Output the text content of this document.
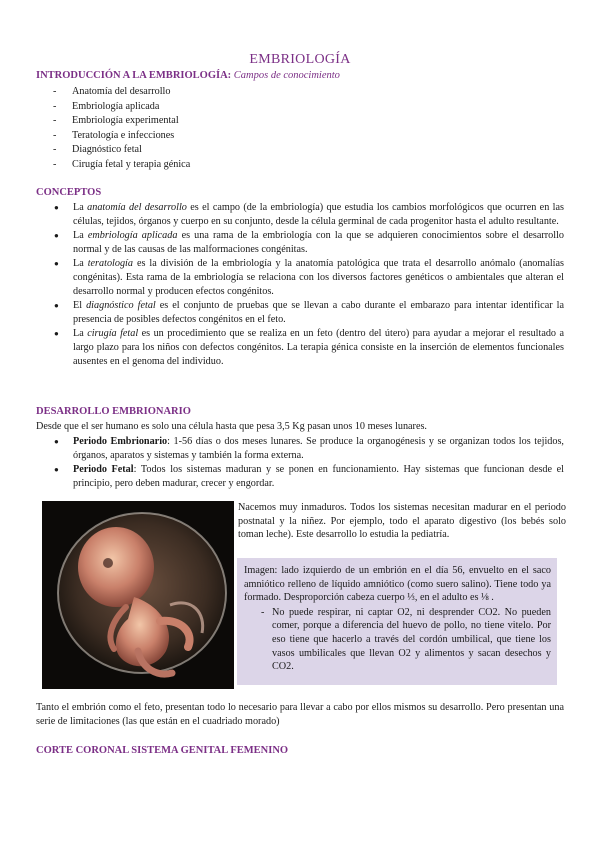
EMBRIOLOGÍA
INTRODUCCIÓN A LA EMBRIOLOGÍA: Campos de conocimiento
- Anatomía del desarrollo
- Embriología aplicada
- Embriología experimental
- Teratología e infecciones
- Diagnóstico fetal
- Cirugía fetal y terapia génica
CONCEPTOS
● La anatomía del desarrollo es el campo (de la embriología) que estudia los cambios morfológicos que ocurren en las células, tejidos, órganos y cuerpo en su conjunto, desde la célula germinal de cada progenitor hasta el adulto resultante.
● La embriología aplicada es una rama de la embriología con la que se adquieren conocimientos sobre el desarrollo normal y de las causas de las malformaciones congénitas.
● La teratología es la división de la embriología y la anatomía patológica que trata el desarrollo anómalo (anomalías congénitas). Esta rama de la embriología se relaciona con los diversos factores genéticos o ambientales que alteran el desarrollo normal y producen efectos congénitos.
● El diagnóstico fetal es el conjunto de pruebas que se llevan a cabo durante el embarazo para intentar identificar la presencia de posibles defectos congénitos en el feto.
● La cirugía fetal es un procedimiento que se realiza en un feto (dentro del útero) para ayudar a mejorar el resultado a largo plazo para los niños con defectos congénitos. La terapia génica consiste en la inserción de elementos funcionales ausentes en el genoma del individuo.
DESARROLLO EMBRIONARIO
Desde que el ser humano es solo una célula hasta que pesa 3,5 Kg pasan unos 10 meses lunares.
● Periodo Embrionario: 1-56 días o dos meses lunares. Se produce la organogénesis y se organizan todos los tejidos, órganos, aparatos y sistemas y también la forma externa.
● Periodo Fetal: Todos los sistemas maduran y se ponen en funcionamiento. Hay sistemas que funcionan desde el principio, pero deben madurar, crecer y engordar.
Nacemos muy inmaduros. Todos los sistemas necesitan madurar en el periodo postnatal y la niñez. Por ejemplo, todo el aparato digestivo (los bebés solo toman leche). Este desarrollo lo estudia la pediatría.
Imagen: lado izquierdo de un embrión en el día 56, envuelto en el saco amniótico relleno de líquido amniótico (como suero salino). Tiene todo ya formado. Desproporción cabeza cuerpo ⅓, en el adulto es ⅛ .
- No puede respirar, ni captar O2, ni desprender CO2. No pueden comer, porque a diferencia del huevo de pollo, no tiene vitelo. Por eso tiene que hacerlo a través del cordón umbilical, que tiene los vasos umbilicales que llevan O2 y alimentos y sacan desechos y CO2.
Tanto el embrión como el feto, presentan todo lo necesario para llevar a cabo por ellos mismos su desarrollo. Pero presentan una serie de limitaciones (las que están en el cuadriado morado)
CORTE CORONAL SISTEMA GENITAL FEMENINO
